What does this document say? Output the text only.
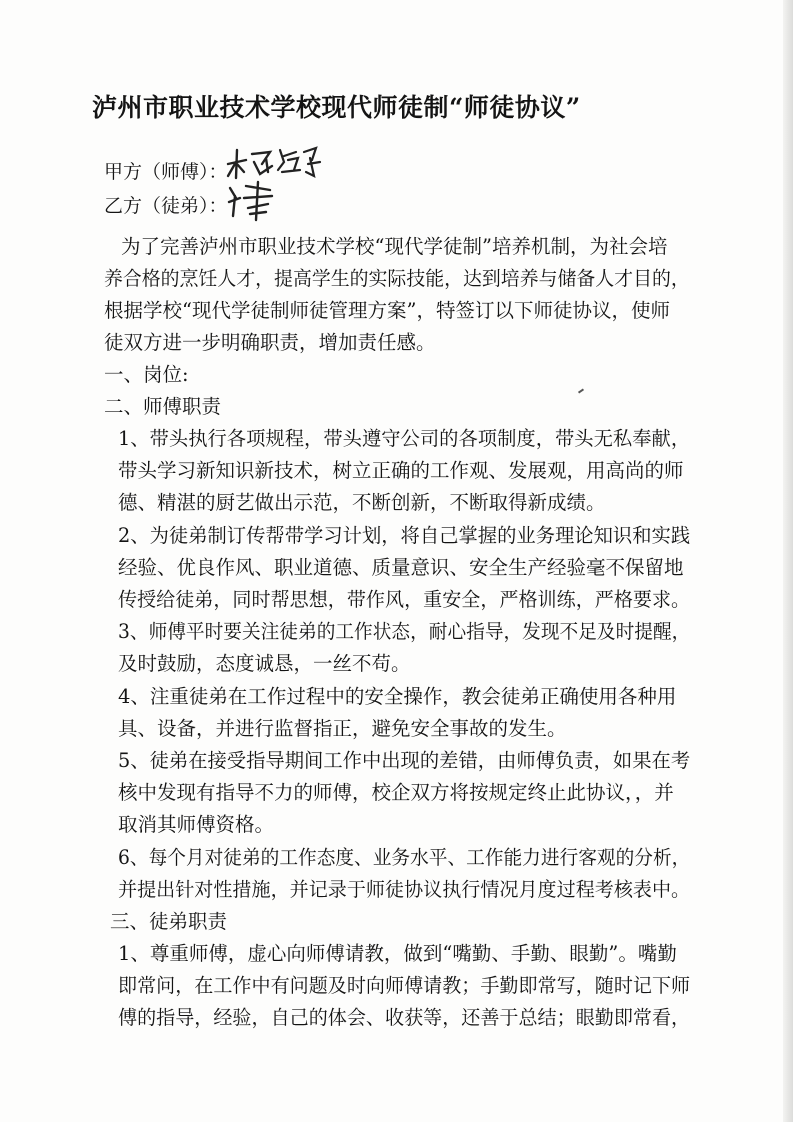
泸州市职业技术学校现代师徒制“师徒协议”
甲方（师傅）：
乙方（徒弟）：
为了完善泸州市职业技术学校“现代学徒制”培养机制，为社会培
养合格的烹饪人才，提高学生的实际技能，达到培养与储备人才目的，
根据学校“现代学徒制师徒管理方案”，特签订以下师徒协议，使师
徒双方进一步明确职责，增加责任感。
一、岗位:
二、师傅职责
1、带头执行各项规程，带头遵守公司的各项制度，带头无私奉献，
带头学习新知识新技术，树立正确的工作观、发展观，用高尚的师
德、精湛的厨艺做出示范，不断创新，不断取得新成绩。
2、为徒弟制订传帮带学习计划，将自己掌握的业务理论知识和实践
经验、优良作风、职业道德、质量意识、安全生产经验毫不保留地
传授给徒弟，同时帮思想，带作风，重安全，严格训练，严格要求。
3、师傅平时要关注徒弟的工作状态，耐心指导，发现不足及时提醒，
及时鼓励，态度诚恳，一丝不苟。
4、注重徒弟在工作过程中的安全操作，教会徒弟正确使用各种用
具、设备，并进行监督指正，避免安全事故的发生。
5、徒弟在接受指导期间工作中出现的差错，由师傅负责，如果在考
核中发现有指导不力的师傅，校企双方将按规定终止此协议，，并
取消其师傅资格。
6、每个月对徒弟的工作态度、业务水平、工作能力进行客观的分析，
并提出针对性措施，并记录于师徒协议执行情况月度过程考核表中。
三、徒弟职责
1、尊重师傅，虚心向师傅请教，做到“嘴勤、手勤、眼勤”。嘴勤
即常问，在工作中有问题及时向师傅请教；手勤即常写，随时记下师
傅的指导，经验，自己的体会、收获等，还善于总结；眼勤即常看，
